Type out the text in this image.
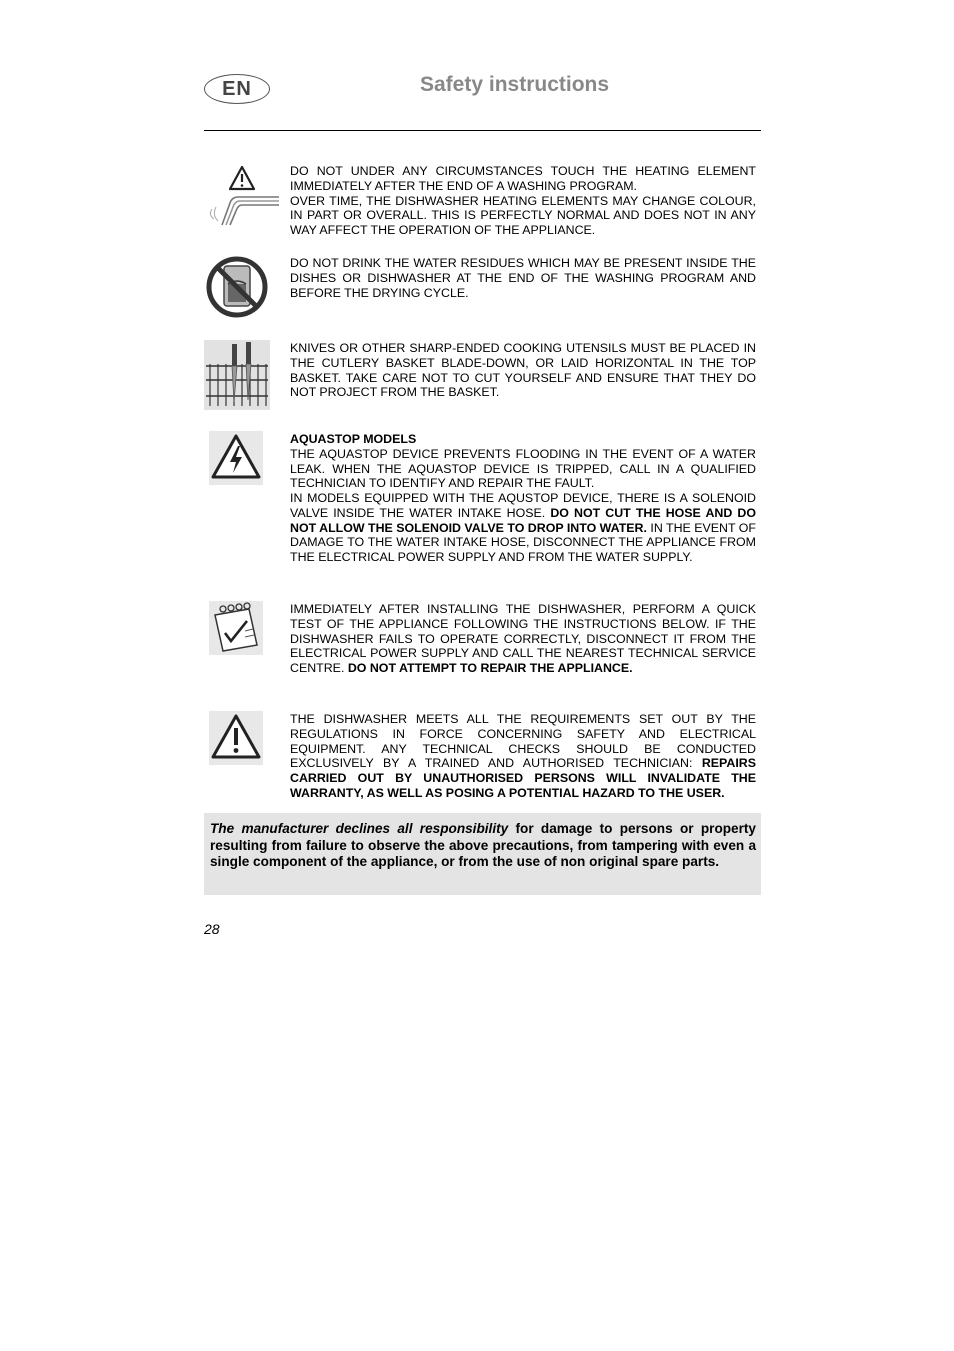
EN	Safety instructions

DO NOT UNDER ANY CIRCUMSTANCES TOUCH THE HEATING ELEMENT IMMEDIATELY AFTER THE END OF A WASHING PROGRAM.

OVER TIME, THE DISHWASHER HEATING ELEMENTS MAY CHANGE COLOUR, IN PART OR OVERALL. THIS IS PERFECTLY NORMAL AND DOES NOT IN ANY WAY AFFECT THE OPERATION OF THE APPLIANCE.

DO NOT DRINK THE WATER RESIDUES WHICH MAY BE PRESENT INSIDE THE DISHES OR DISHWASHER AT THE END OF THE WASHING PROGRAM AND BEFORE THE DRYING CYCLE.

KNIVES OR OTHER SHARP-ENDED COOKING UTENSILS MUST BE PLACED IN THE CUTLERY BASKET BLADE-DOWN, OR LAID HORIZONTAL IN THE TOP BASKET. TAKE CARE NOT TO CUT YOURSELF AND ENSURE THAT THEY DO NOT PROJECT FROM THE BASKET.

AQUASTOP MODELS

THE AQUASTOP DEVICE PREVENTS FLOODING IN THE EVENT OF A WATER LEAK. WHEN THE AQUASTOP DEVICE IS TRIPPED, CALL IN A QUALIFIED TECHNICIAN TO IDENTIFY AND REPAIR THE FAULT.

IN MODELS EQUIPPED WITH THE AQUSTOP DEVICE, THERE IS A SOLENOID VALVE INSIDE THE WATER INTAKE HOSE. DO NOT CUT THE HOSE AND DO NOT ALLOW THE SOLENOID VALVE TO DROP INTO WATER. IN THE EVENT OF DAMAGE TO THE WATER INTAKE HOSE, DISCONNECT THE APPLIANCE FROM THE ELECTRICAL POWER SUPPLY AND FROM THE WATER SUPPLY.

IMMEDIATELY AFTER INSTALLING THE DISHWASHER, PERFORM A QUICK TEST OF THE APPLIANCE FOLLOWING THE INSTRUCTIONS BELOW. IF THE DISHWASHER FAILS TO OPERATE CORRECTLY, DISCONNECT IT FROM THE ELECTRICAL POWER SUPPLY AND CALL THE NEAREST TECHNICAL SERVICE CENTRE. DO NOT ATTEMPT TO REPAIR THE APPLIANCE.

THE DISHWASHER MEETS ALL THE REQUIREMENTS SET OUT BY THE REGULATIONS IN FORCE CONCERNING SAFETY AND ELECTRICAL EQUIPMENT. ANY TECHNICAL CHECKS SHOULD BE CONDUCTED EXCLUSIVELY BY A TRAINED AND AUTHORISED TECHNICIAN: REPAIRS CARRIED OUT BY UNAUTHORISED PERSONS WILL INVALIDATE THE WARRANTY, AS WELL AS POSING A POTENTIAL HAZARD TO THE USER.

The manufacturer declines all responsibility for damage to persons or property resulting from failure to observe the above precautions, from tampering with even a single component of the appliance, or from the use of non original spare parts.
28
